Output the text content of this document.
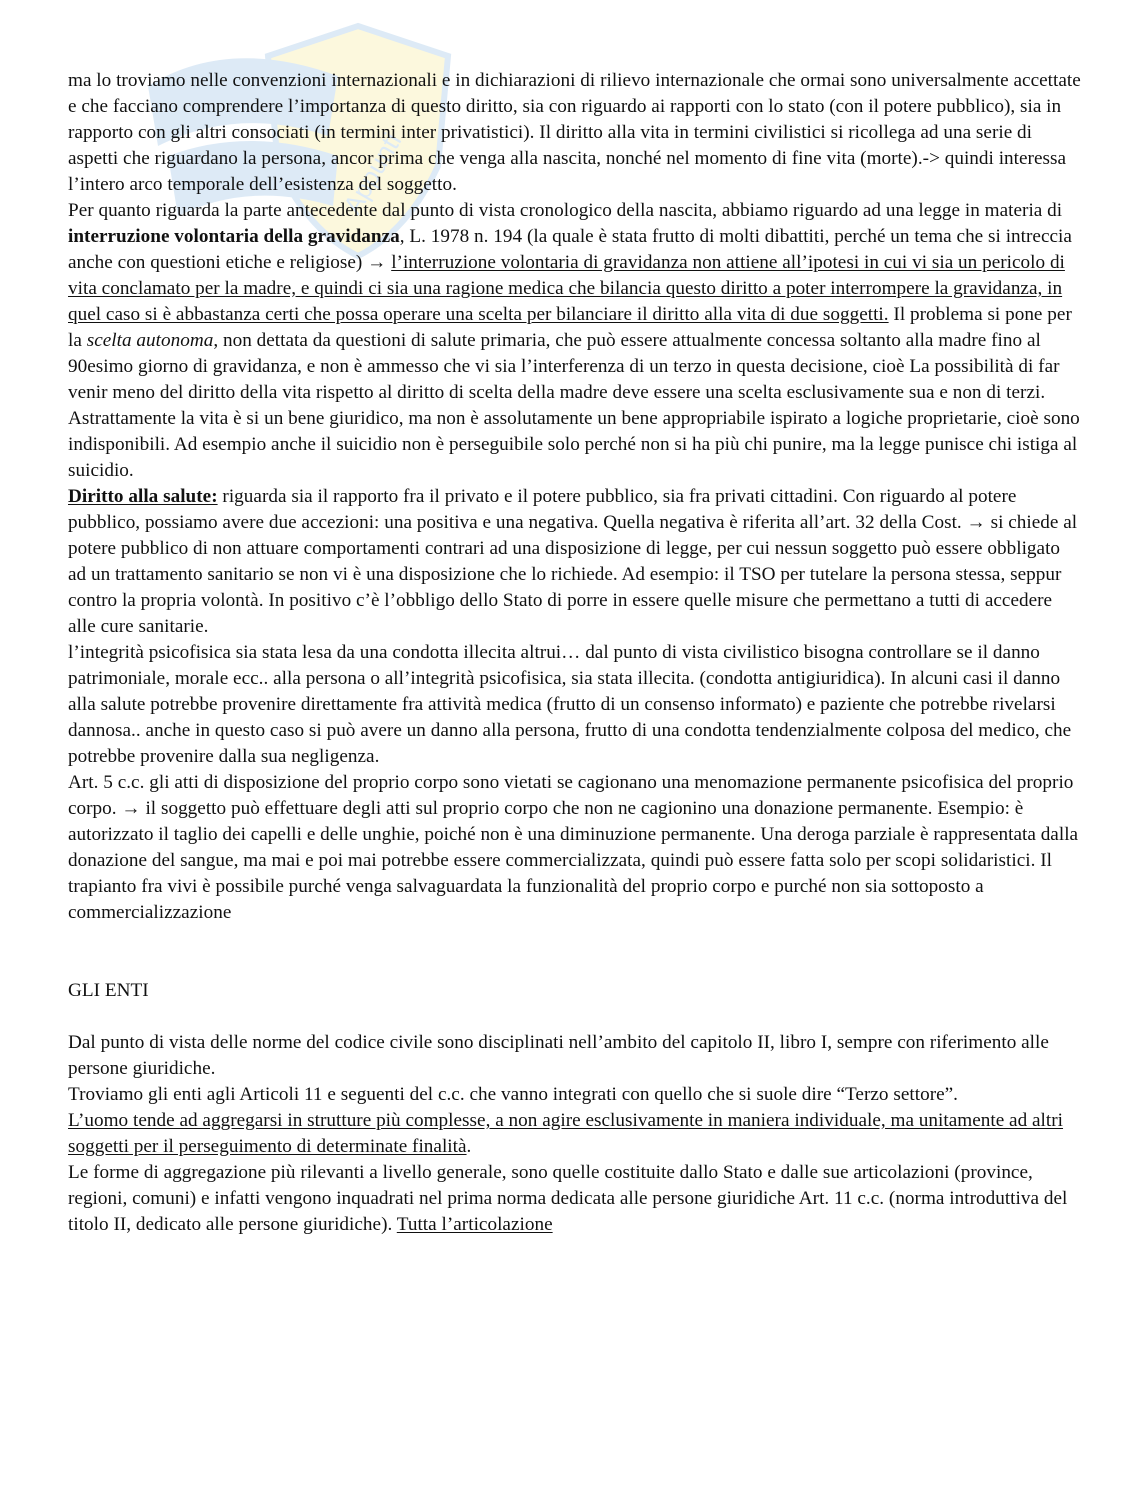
Appunti

ma lo troviamo nelle convenzioni internazionali e in dichiarazioni di rilievo internazionale che ormai sono universalmente accettate e che facciano comprendere l’importanza di questo diritto, sia con riguardo ai rapporti con lo stato (con il potere pubblico), sia in rapporto con gli altri consociati (in termini inter privatistici). Il diritto alla vita in termini civilistici si ricollega ad una serie di aspetti che riguardano la persona, ancor prima che venga alla nascita, nonché nel momento di fine vita (morte).-> quindi interessa l’intero arco temporale dell’esistenza del soggetto.

Per quanto riguarda la parte antecedente dal punto di vista cronologico della nascita, abbiamo riguardo ad una legge in materia di interruzione volontaria della gravidanza, L. 1978 n. 194 (la quale è stata frutto di molti dibattiti, perché un tema che si intreccia anche con questioni etiche e religiose) → l’interruzione volontaria di gravidanza non attiene all’ipotesi in cui vi sia un pericolo di vita conclamato per la madre, e quindi ci sia una ragione medica che bilancia questo diritto a poter interrompere la gravidanza, in quel caso si è abbastanza certi che possa operare una scelta per bilanciare il diritto alla vita di due soggetti. Il problema si pone per la scelta autonoma, non dettata da questioni di salute primaria, che può essere attualmente concessa soltanto alla madre fino al 90esimo giorno di gravidanza, e non è ammesso che vi sia l’interferenza di un terzo in questa decisione, cioè La possibilità di far venir meno del diritto della vita rispetto al diritto di scelta della madre deve essere una scelta esclusivamente sua e non di terzi.

Astrattamente la vita è si un bene giuridico, ma non è assolutamente un bene appropriabile ispirato a logiche proprietarie, cioè sono indisponibili. Ad esempio anche il suicidio non è perseguibile solo perché non si ha più chi punire, ma la legge punisce chi istiga al suicidio.

Diritto alla salute: riguarda sia il rapporto fra il privato e il potere pubblico, sia fra privati cittadini. Con riguardo al potere pubblico, possiamo avere due accezioni: una positiva e una negativa. Quella negativa è riferita all’art. 32 della Cost. → si chiede al potere pubblico di non attuare comportamenti contrari ad una disposizione di legge, per cui nessun soggetto può essere obbligato ad un trattamento sanitario se non vi è una disposizione che lo richiede. Ad esempio: il TSO per tutelare la persona stessa, seppur contro la propria volontà. In positivo c’è l’obbligo dello Stato di porre in essere quelle misure che permettano a tutti di accedere alle cure sanitarie.

l’integrità psicofisica sia stata lesa da una condotta illecita altrui… dal punto di vista civilistico bisogna controllare se il danno patrimoniale, morale ecc.. alla persona o all’integrità psicofisica, sia stata illecita. (condotta antigiuridica). In alcuni casi il danno alla salute potrebbe provenire direttamente fra attività medica (frutto di un consenso informato) e paziente che potrebbe rivelarsi dannosa.. anche in questo caso si può avere un danno alla persona, frutto di una condotta tendenzialmente colposa del medico, che potrebbe provenire dalla sua negligenza.

Art. 5 c.c. gli atti di disposizione del proprio corpo sono vietati se cagionano una menomazione permanente psicofisica del proprio corpo. → il soggetto può effettuare degli atti sul proprio corpo che non ne cagionino una donazione permanente. Esempio: è autorizzato il taglio dei capelli e delle unghie, poiché non è una diminuzione permanente. Una deroga parziale è rappresentata dalla donazione del sangue, ma mai e poi mai potrebbe essere commercializzata, quindi può essere fatta solo per scopi solidaristici. Il trapianto fra vivi è possibile purché venga salvaguardata la funzionalità del proprio corpo e purché non sia sottoposto a commercializzazione

GLI ENTI

Dal punto di vista delle norme del codice civile sono disciplinati nell’ambito del capitolo II, libro I, sempre con riferimento alle persone giuridiche.

Troviamo gli enti agli Articoli 11 e seguenti del c.c. che vanno integrati con quello che si suole dire “Terzo settore”.

L’uomo tende ad aggregarsi in strutture più complesse, a non agire esclusivamente in maniera individuale, ma unitamente ad altri soggetti per il perseguimento di determinate finalità.

Le forme di aggregazione più rilevanti a livello generale, sono quelle costituite dallo Stato e dalle sue articolazioni (province, regioni, comuni) e infatti vengono inquadrati nel prima norma dedicata alle persone giuridiche Art. 11 c.c. (norma introduttiva del titolo II, dedicato alle persone giuridiche). Tutta l’articolazione
